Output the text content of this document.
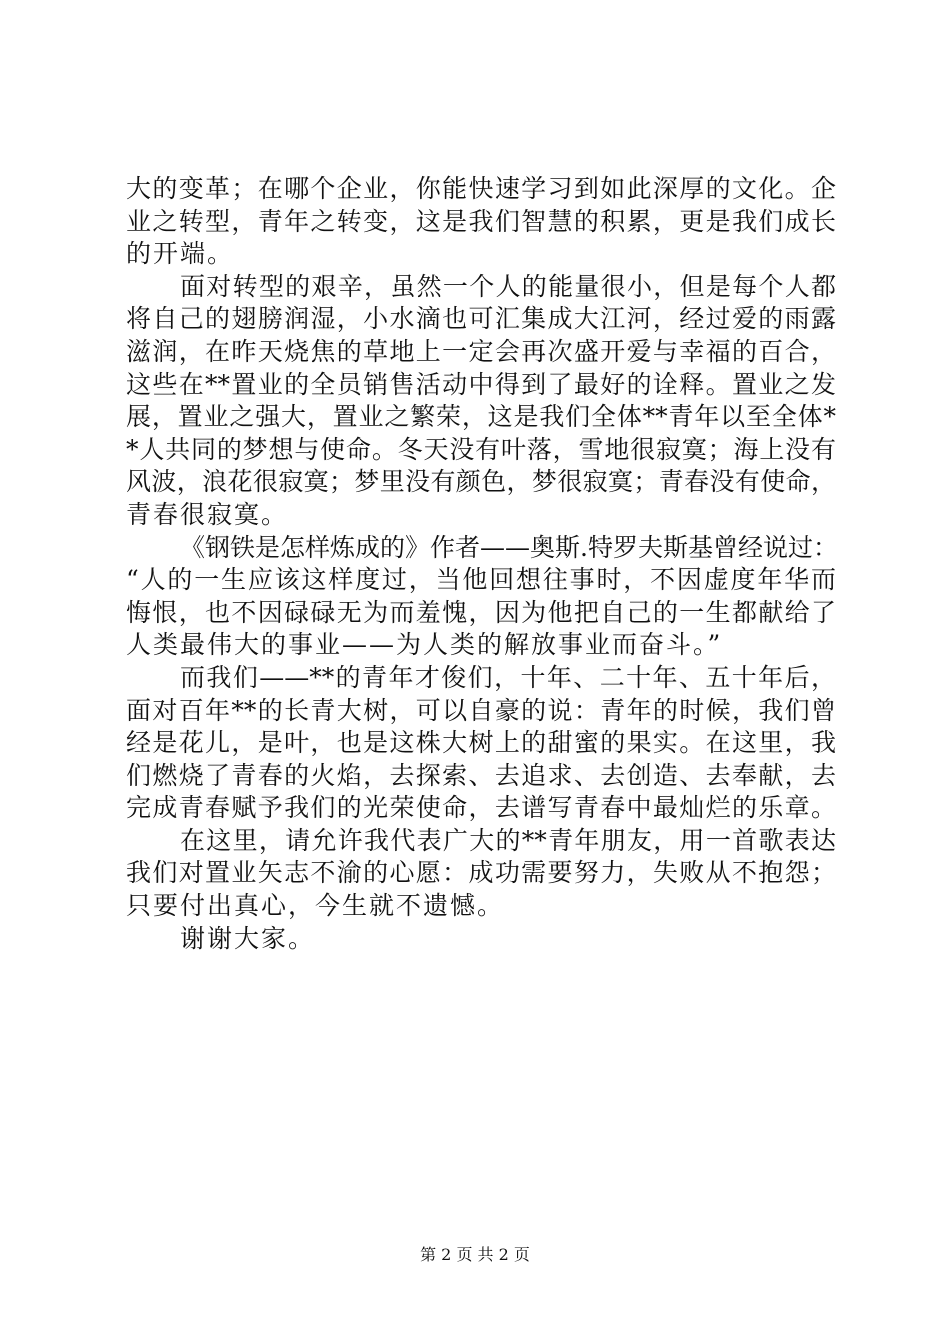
大的变革；在哪个企业，你能快速学习到如此深厚的文化。企
业之转型，青年之转变，这是我们智慧的积累，更是我们成长
的开端。
面对转型的艰辛，虽然一个人的能量很小，但是每个人都
将自己的翅膀润湿，小水滴也可汇集成大江河，经过爱的雨露
滋润，在昨天烧焦的草地上一定会再次盛开爱与幸福的百合，
这些在**置业的全员销售活动中得到了最好的诠释。置业之发
展，置业之强大，置业之繁荣，这是我们全体**青年以至全体*
*人共同的梦想与使命。冬天没有叶落，雪地很寂寞；海上没有
风波，浪花很寂寞；梦里没有颜色，梦很寂寞；青春没有使命，
青春很寂寞。
《钢铁是怎样炼成的》作者——奥斯.特罗夫斯基曾经说过：
“人的一生应该这样度过，当他回想往事时，不因虚度年华而
悔恨，也不因碌碌无为而羞愧，因为他把自己的一生都献给了
人类最伟大的事业——为人类的解放事业而奋斗。”
而我们——**的青年才俊们，十年、二十年、五十年后，
面对百年**的长青大树，可以自豪的说：青年的时候，我们曾
经是花儿，是叶，也是这株大树上的甜蜜的果实。在这里，我
们燃烧了青春的火焰，去探索、去追求、去创造、去奉献，去
完成青春赋予我们的光荣使命，去谱写青春中最灿烂的乐章。
在这里，请允许我代表广大的**青年朋友，用一首歌表达
我们对置业矢志不渝的心愿：成功需要努力，失败从不抱怨；
只要付出真心，今生就不遗憾。
谢谢大家。
第 2 页 共 2 页
